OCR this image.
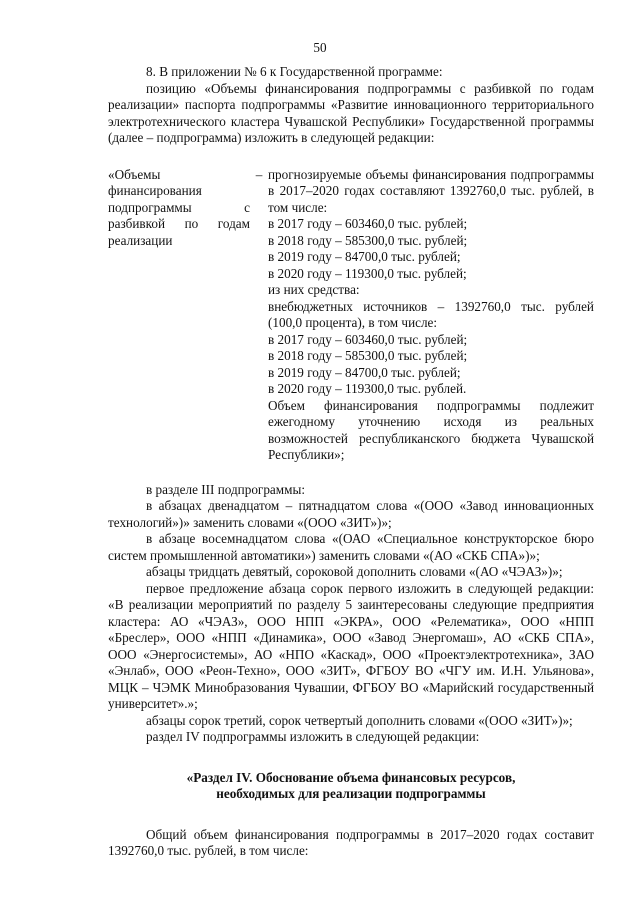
50

8. В приложении № 6 к Государственной программе:

позицию «Объемы финансирования подпрограммы с разбивкой по годам реализации» паспорта подпрограммы «Развитие инновационного территориального электротехнического кластера Чувашской Республики» Государственной программы (далее – подпрограмма) изложить в следующей редакции:

«Объемы финансирования подпрограммы с разбивкой по годам реализации
– прогнозируемые объемы финансирования подпрограммы в 2017–2020 годах составляют 1392760,0 тыс. рублей, в том числе:
в 2017 году – 603460,0 тыс. рублей;
в 2018 году – 585300,0 тыс. рублей;
в 2019 году – 84700,0 тыс. рублей;
в 2020 году – 119300,0 тыс. рублей;
из них средства:
внебюджетных источников – 1392760,0 тыс. рублей (100,0 процента), в том числе:
в 2017 году – 603460,0 тыс. рублей;
в 2018 году – 585300,0 тыс. рублей;
в 2019 году – 84700,0 тыс. рублей;
в 2020 году – 119300,0 тыс. рублей.
Объем финансирования подпрограммы подлежит ежегодному уточнению исходя из реальных возможностей республиканского бюджета Чувашской Республики»;

в разделе III подпрограммы:

в абзацах двенадцатом – пятнадцатом слова «(ООО «Завод инновационных технологий»)» заменить словами «(ООО «ЗИТ»)»;

в абзаце восемнадцатом слова «(ОАО «Специальное конструкторское бюро систем промышленной автоматики») заменить словами «(АО «СКБ СПА»)»;

абзацы тридцать девятый, сороковой дополнить словами «(АО «ЧЭАЗ»)»;

первое предложение абзаца сорок первого изложить в следующей редакции: «В реализации мероприятий по разделу 5 заинтересованы следующие предприятия кластера: АО «ЧЭАЗ», ООО НПП «ЭКРА», ООО «Релематика», ООО «НПП «Бреслер», ООО «НПП «Динамика», ООО «Завод Энергомаш», АО «СКБ СПА», ООО «Энергосистемы», АО «НПО «Каскад», ООО «Проектэлектротехника», ЗАО «Энлаб», ООО «Реон-Техно», ООО «ЗИТ», ФГБОУ ВО «ЧГУ им. И.Н. Ульянова», МЦК – ЧЭМК Минобразования Чувашии, ФГБОУ ВО «Марийский государственный университет».»;

абзацы сорок третий, сорок четвертый дополнить словами «(ООО «ЗИТ»)»;

раздел IV подпрограммы изложить в следующей редакции:

«Раздел IV. Обоснование объема финансовых ресурсов,

необходимых для реализации подпрограммы

Общий объем финансирования подпрограммы в 2017–2020 годах составит 1392760,0 тыс. рублей, в том числе:
